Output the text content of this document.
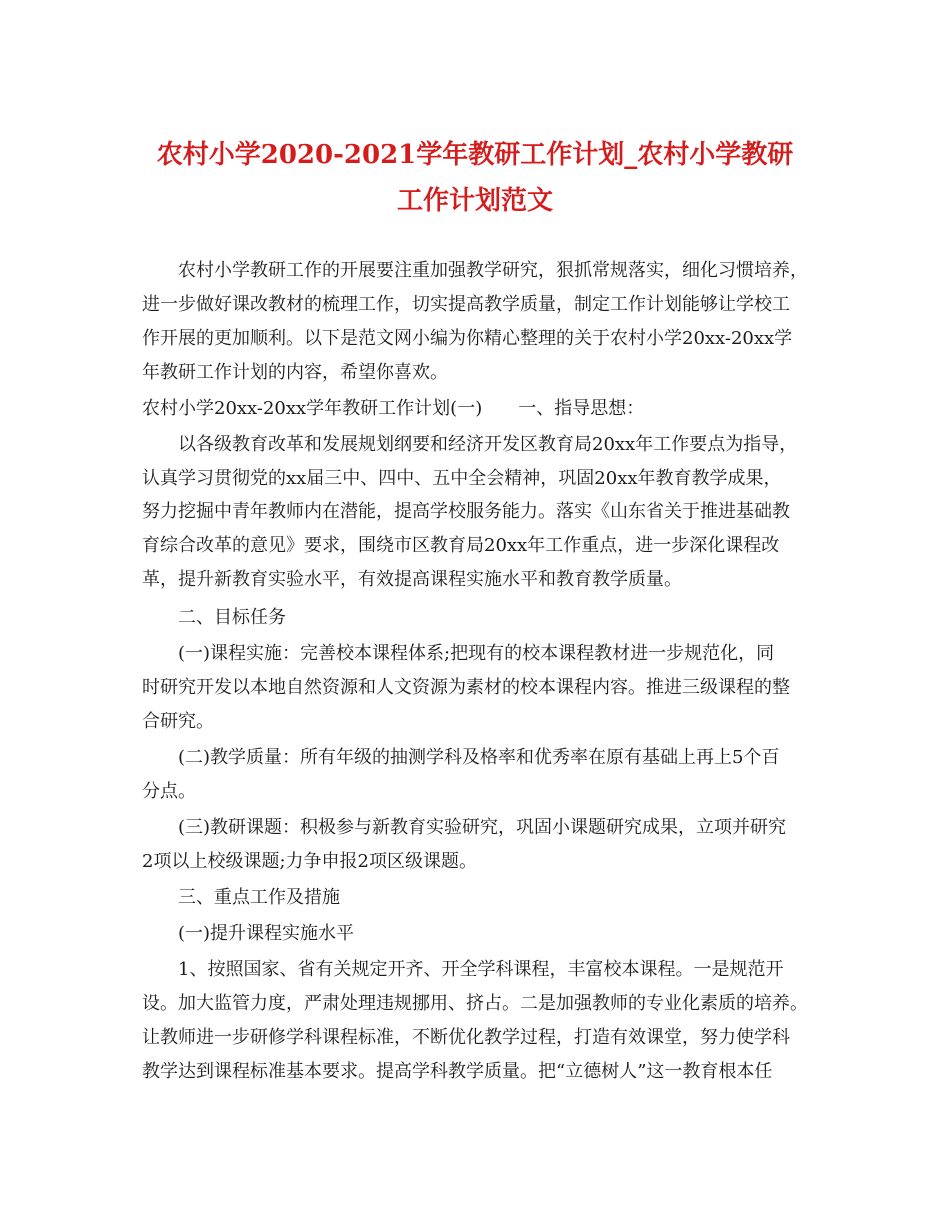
农村小学2020-2021学年教研工作计划_农村小学教研
工作计划范文
农村小学教研工作的开展要注重加强教学研究，狠抓常规落实，细化习惯培养，
进一步做好课改教材的梳理工作，切实提高教学质量，制定工作计划能够让学校工
作开展的更加顺利。以下是范文网小编为你精心整理的关于农村小学20xx-20xx学
年教研工作计划的内容，希望你喜欢。
农村小学20xx-20xx学年教研工作计划(一)　　一、指导思想：
以各级教育改革和发展规划纲要和经济开发区教育局20xx年工作要点为指导，
认真学习贯彻党的xx届三中、四中、五中全会精神，巩固20xx年教育教学成果，
努力挖掘中青年教师内在潜能，提高学校服务能力。落实《山东省关于推进基础教
育综合改革的意见》要求，围绕市区教育局20xx年工作重点，进一步深化课程改
革，提升新教育实验水平，有效提高课程实施水平和教育教学质量。
二、目标任务
(一)课程实施：完善校本课程体系;把现有的校本课程教材进一步规范化，同
时研究开发以本地自然资源和人文资源为素材的校本课程内容。推进三级课程的整
合研究。
(二)教学质量：所有年级的抽测学科及格率和优秀率在原有基础上再上5个百
分点。
(三)教研课题：积极参与新教育实验研究，巩固小课题研究成果，立项并研究
2项以上校级课题;力争申报2项区级课题。
三、重点工作及措施
(一)提升课程实施水平
1、按照国家、省有关规定开齐、开全学科课程，丰富校本课程。一是规范开
设。加大监管力度，严肃处理违规挪用、挤占。二是加强教师的专业化素质的培养。
让教师进一步研修学科课程标准，不断优化教学过程，打造有效课堂，努力使学科
教学达到课程标准基本要求。提高学科教学质量。把“立德树人”这一教育根本任
